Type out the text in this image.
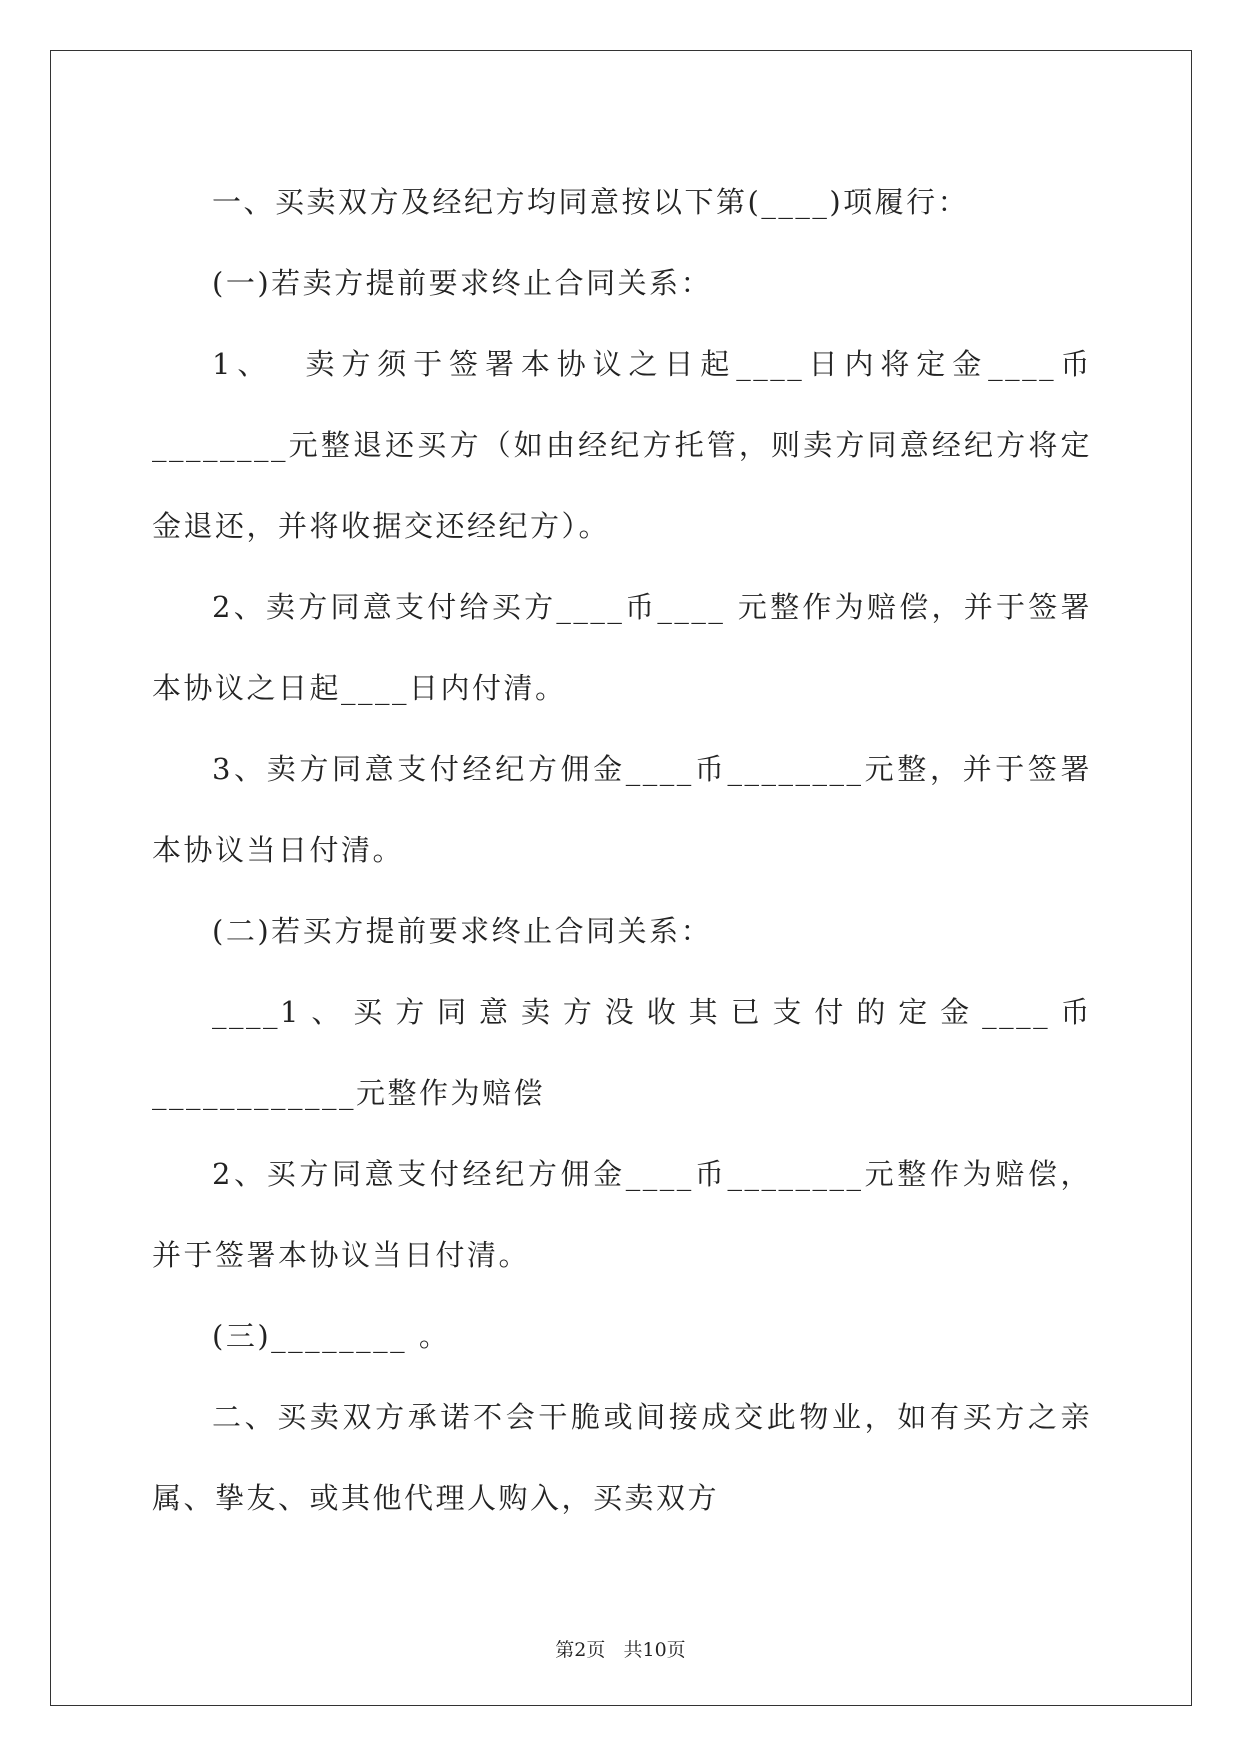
一、买卖双方及经纪方均同意按以下第(____)项履行：

(一)若卖方提前要求终止合同关系：

1、  卖方须于签署本协议之日起____日内将定金____币________元整退还买方（如由经纪方托管，则卖方同意经纪方将定金退还，并将收据交还经纪方）。

2、卖方同意支付给买方____币____ 元整作为赔偿，并于签署本协议之日起____日内付清。

3、卖方同意支付经纪方佣金____币________元整，并于签署本协议当日付清。

(二)若买方提前要求终止合同关系：

____1、买方同意卖方没收其已支付的定金____币____________元整作为赔偿

2、买方同意支付经纪方佣金____币________元整作为赔偿，并于签署本协议当日付清。

(三)________ 。

二、买卖双方承诺不会干脆或间接成交此物业，如有买方之亲属、挚友、或其他代理人购入，买卖双方

第2页   共10页
